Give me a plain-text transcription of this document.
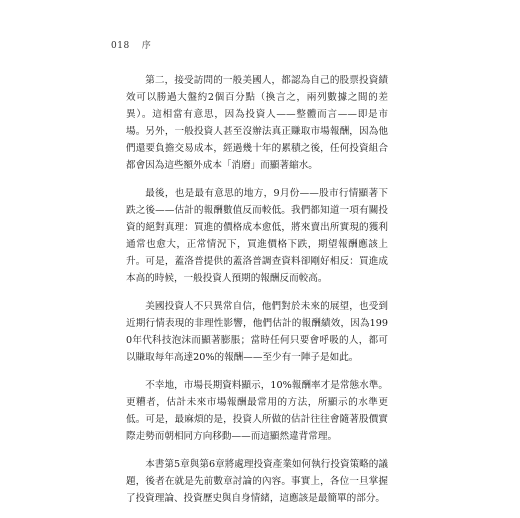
018 序

第二，接受訪問的一般美國人，都認為自己的股票投資績效可以勝過大盤約2個百分點（換言之，兩列數據之間的差異）。這相當有意思，因為投資人——整體而言——即是市場。另外，一般投資人甚至沒辦法真正賺取市場報酬，因為他們還要負擔交易成本，經過幾十年的累積之後，任何投資組合都會因為這些額外成本「消磨」而顯著縮水。

最後，也是最有意思的地方，9月份——股市行情顯著下跌之後——估計的報酬數值反而較低。我們都知道一項有關投資的絕對真理：買進的價格成本愈低，將來賣出所實現的獲利通常也愈大，正常情況下，買進價格下跌，期望報酬應該上升。可是，蓋洛普提供的蓋洛普調查資料卻剛好相反：買進成本高的時候，一般投資人預期的報酬反而較高。

美國投資人不只異常自信，他們對於未來的展望，也受到近期行情表現的非理性影響，他們估計的報酬績效，因為1990年代科技泡沫而顯著膨脹；當時任何只要會呼吸的人，都可以賺取每年高達20%的報酬——至少有一陣子是如此。

不幸地，市場長期資料顯示，10%報酬率才是常態水準。更糟者，估計未來市場報酬最常用的方法，所顯示的水準更低。可是，最麻煩的是，投資人所做的估計往往會隨著股價實際走勢而朝相同方向移動——而這顯然違背常理。

本書第5章與第6章將處理投資產業如何執行投資策略的議題，後者在就是先前數章討論的內容。事實上，各位一旦掌握了投資理論、投資歷史與自身情緒，這應該是最簡單的部分。
